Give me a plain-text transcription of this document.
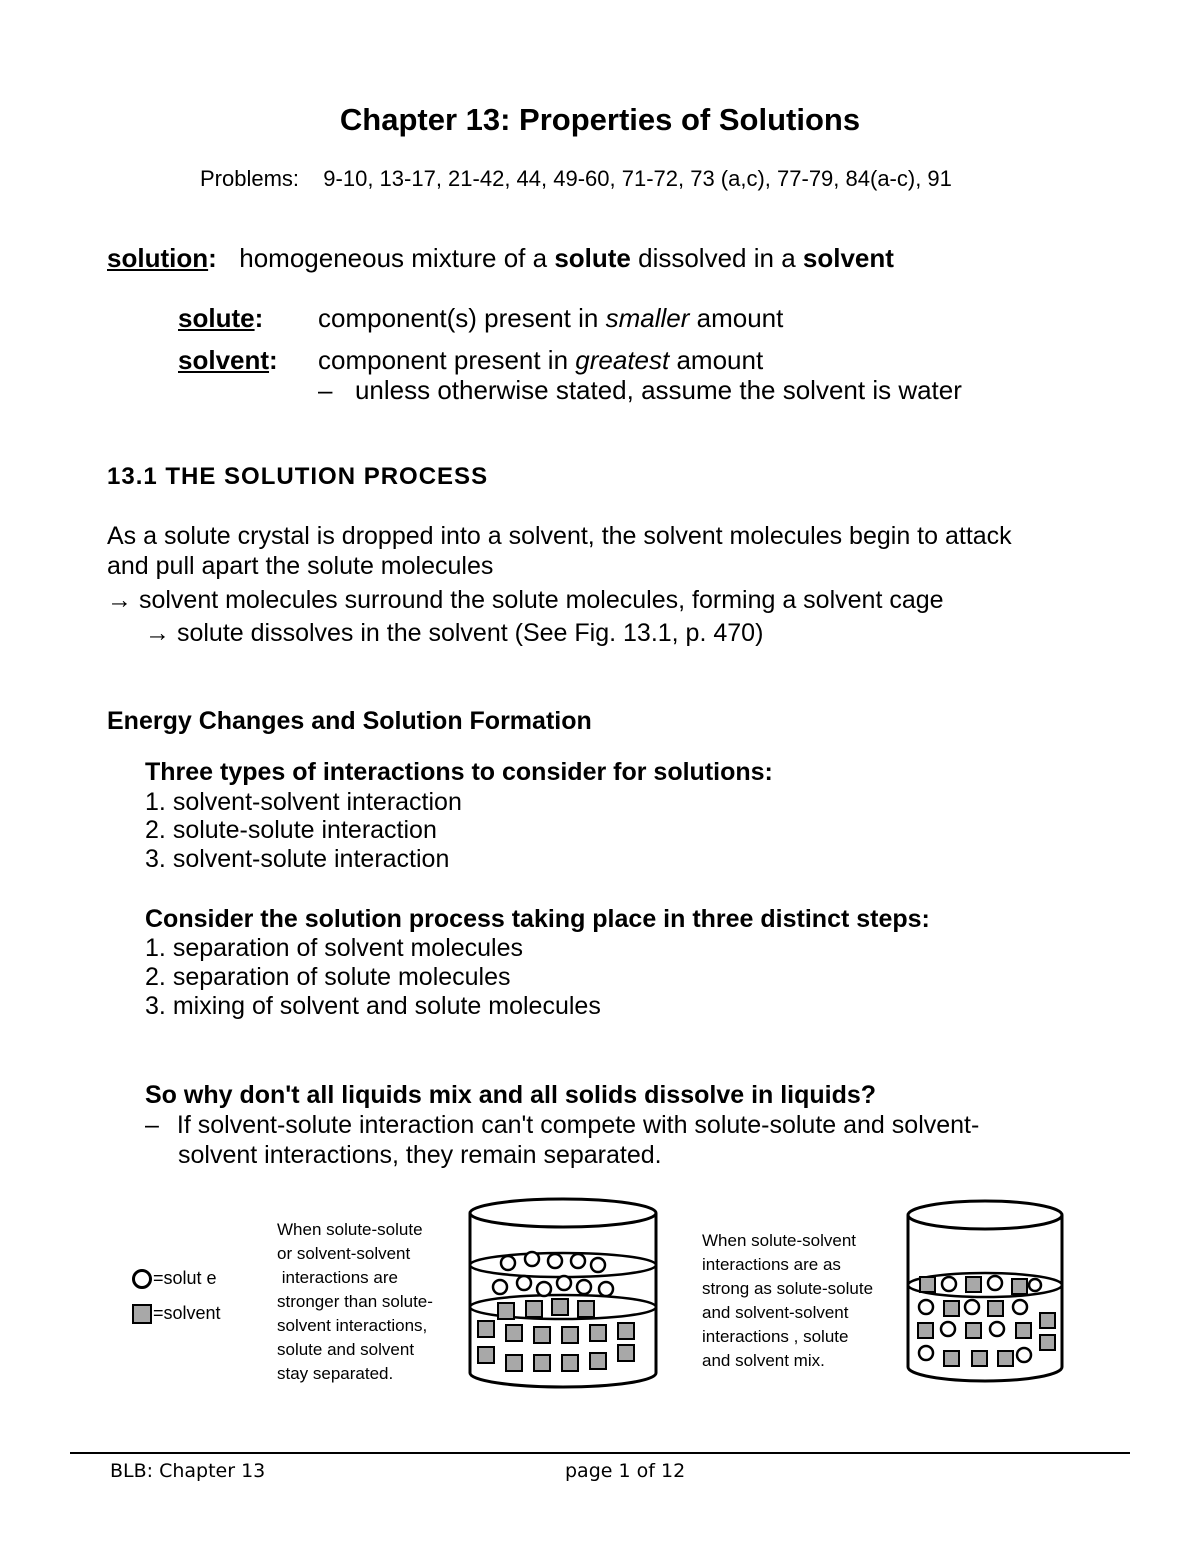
Chapter 13: Properties of Solutions
Problems: 9-10, 13-17, 21-42, 44, 49-60, 71-72, 73 (a,c), 77-79, 84(a-c), 91
solution: homogeneous mixture of a solute dissolved in a solvent
solute: component(s) present in smaller amount
solvent: component present in greatest amount
– unless otherwise stated, assume the solvent is water
13.1 THE SOLUTION PROCESS
As a solute crystal is dropped into a solvent, the solvent molecules begin to attack
and pull apart the solute molecules
→ solvent molecules surround the solute molecules, forming a solvent cage
→ solute dissolves in the solvent (See Fig. 13.1, p. 470)
Energy Changes and Solution Formation
Three types of interactions to consider for solutions:
1. solvent-solvent interaction
2. solute-solute interaction
3. solvent-solute interaction
Consider the solution process taking place in three distinct steps:
1. separation of solvent molecules
2. separation of solute molecules
3. mixing of solvent and solute molecules
So why don't all liquids mix and all solids dissolve in liquids?
– If solvent-solute interaction can't compete with solute-solute and solvent-
solvent interactions, they remain separated.
=solut e
=solvent
When solute-solute
or solvent-solvent
interactions are
stronger than solute-
solvent interactions,
solute and solvent
stay separated.
When solute-solvent
interactions are as
strong as solute-solute
and solvent-solvent
interactions , solute
and solvent mix.
BLB: Chapter 13	page 1 of 12
